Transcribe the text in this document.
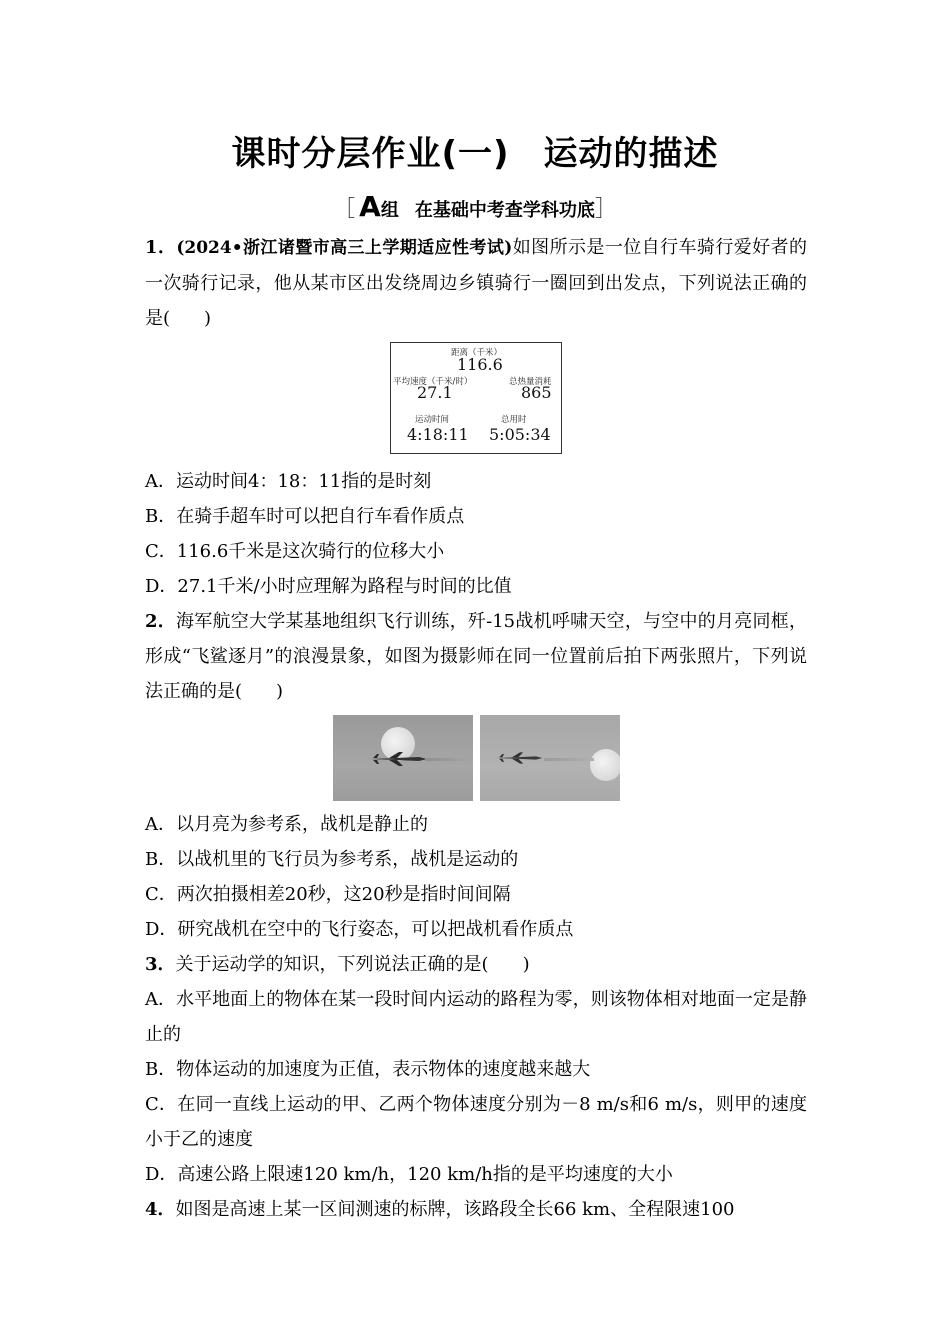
课时分层作业(一) 运动的描述
［ A组 在基础中考查学科功底］

1．(2024•浙江诸暨市高三上学期适应性考试)如图所示是一位自行车骑行爱好者的一次骑行记录，他从某市区出发绕周边乡镇骑行一圈回到出发点，下列说法正确的是( )

距离（千米）
116.6
平均速度（千米/时）
27.1
总热量消耗
865
运动时间
4:18:11
总用时
5:05:34

A．运动时间4：18：11指的是时刻

B．在骑手超车时可以把自行车看作质点

C．116.6千米是这次骑行的位移大小

D．27.1千米/小时应理解为路程与时间的比值

2．海军航空大学某基地组织飞行训练，歼-15战机呼啸天空，与空中的月亮同框，形成“飞鲨逐月”的浪漫景象，如图为摄影师在同一位置前后拍下两张照片，下列说法正确的是( )

A．以月亮为参考系，战机是静止的

B．以战机里的飞行员为参考系，战机是运动的

C．两次拍摄相差20秒，这20秒是指时间间隔

D．研究战机在空中的飞行姿态，可以把战机看作质点

3．关于运动学的知识，下列说法正确的是( )

A．水平地面上的物体在某一段时间内运动的路程为零，则该物体相对地面一定是静止的

B．物体运动的加速度为正值，表示物体的速度越来越大

C．在同一直线上运动的甲、乙两个物体速度分别为－8 m/s和6 m/s，则甲的速度小于乙的速度

D．高速公路上限速120 km/h，120 km/h指的是平均速度的大小

4．如图是高速上某一区间测速的标牌，该路段全长66 km、全程限速100
